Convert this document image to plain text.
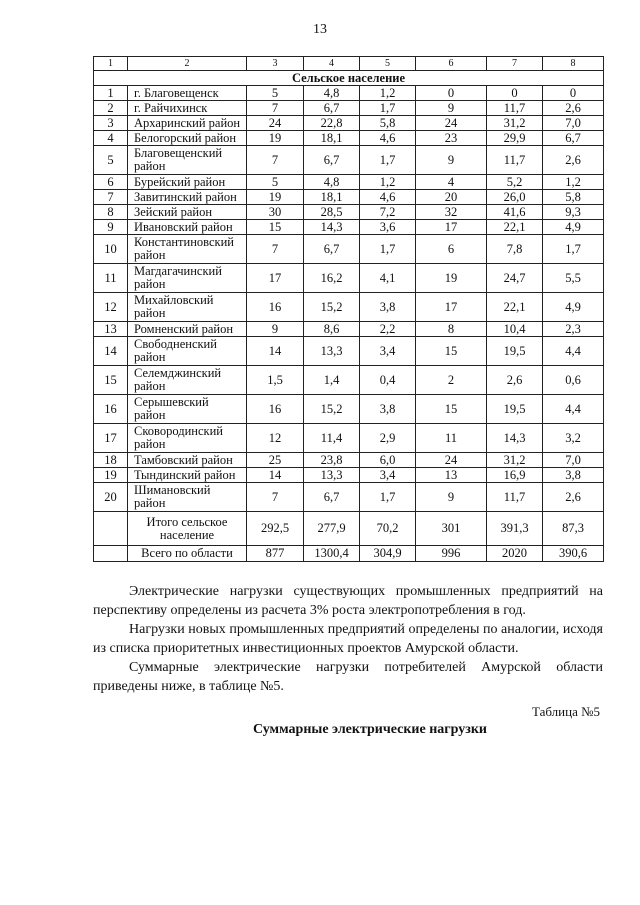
13
1	2	3	4	5	6	7	8
Сельское население							
1	г. Благовещенск	5	4,8	1,2	0	0	0
2	г. Райчихинск	7	6,7	1,7	9	11,7	2,6
3	Архаринский район	24	22,8	5,8	24	31,2	7,0
4	Белогорский район	19	18,1	4,6	23	29,9	6,7
5	Благовещенский район	7	6,7	1,7	9	11,7	2,6
6	Бурейский район	5	4,8	1,2	4	5,2	1,2
7	Завитинский район	19	18,1	4,6	20	26,0	5,8
8	Зейский район	30	28,5	7,2	32	41,6	9,3
9	Ивановский район	15	14,3	3,6	17	22,1	4,9
10	Константиновский район	7	6,7	1,7	6	7,8	1,7
11	Магдагачинский район	17	16,2	4,1	19	24,7	5,5
12	Михайловский район	16	15,2	3,8	17	22,1	4,9
13	Ромненский район	9	8,6	2,2	8	10,4	2,3
14	Свободненский район	14	13,3	3,4	15	19,5	4,4
15	Селемджинский район	1,5	1,4	0,4	2	2,6	0,6
16	Серышевский район	16	15,2	3,8	15	19,5	4,4
17	Сковородинский район	12	11,4	2,9	11	14,3	3,2
18	Тамбовский район	25	23,8	6,0	24	31,2	7,0
19	Тындинский район	14	13,3	3,4	13	16,9	3,8
20	Шимановский район	7	6,7	1,7	9	11,7	2,6
	Итого сельское население	292,5	277,9	70,2	301	391,3	87,3
	Всего по области	877	1300,4	304,9	996	2020	390,6

Электрические нагрузки существующих промышленных предприятий на перспективу определены из расчета 3% роста электропотребления в год.

Нагрузки новых промышленных предприятий определены по аналогии, исходя из списка приоритетных инвестиционных проектов Амурской области.

Суммарные электрические нагрузки потребителей Амурской области приведены ниже, в таблице №5.

Таблица №5
Суммарные электрические нагрузки
